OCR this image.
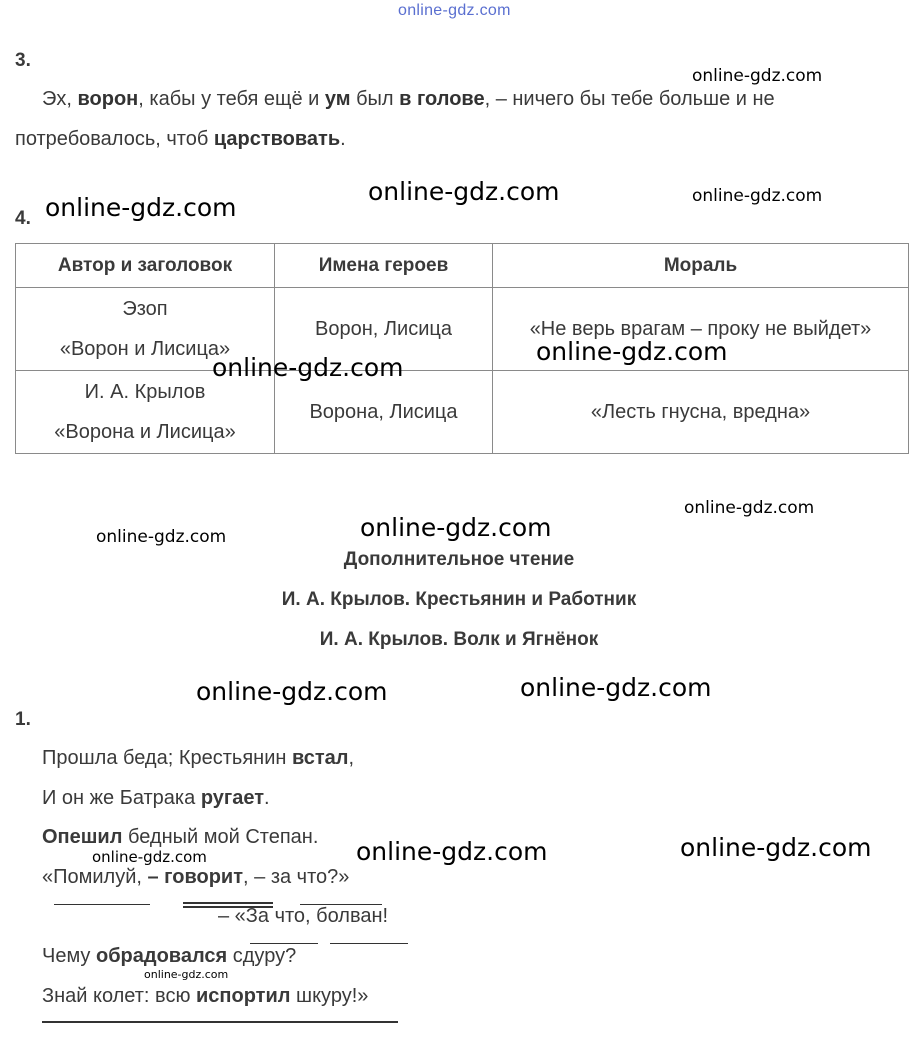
online-gdz.com
3.
Эх, ворон, кабы у тебя ещё и ум был в голове, – ничего бы тебе больше и не
потребовалось, чтоб царствовать.
4.
Автор и заголовок	Имена героев	Мораль

Эзоп
«Ворон и Лисица»	Ворон, Лисица	«Не верь врагам – проку не выйдет»

И. А. Крылов
«Ворона и Лисица»	Ворона, Лисица	«Лесть гнусна, вредна»
Дополнительное чтение
И. А. Крылов. Крестьянин и Работник
И. А. Крылов. Волк и Ягнёнок
1.
Прошла беда; Крестьянин встал,
И он же Батрака ругает.
Опешил бедный мой Степан.
«Помилуй, – говорит, – за что?»
– «За что, болван!
Чему обрадовался сдуру?
Знай колет: всю испортил шкуру!»
online-gdz.com
online-gdz.com	online-gdz.com
online-gdz.com
online-gdz.com
online-gdz.com
online-gdz.com
online-gdz.com
online-gdz.com
online-gdz.com
online-gdz.com
online-gdz.com
online-gdz.com
online-gdz.com
online-gdz.com
